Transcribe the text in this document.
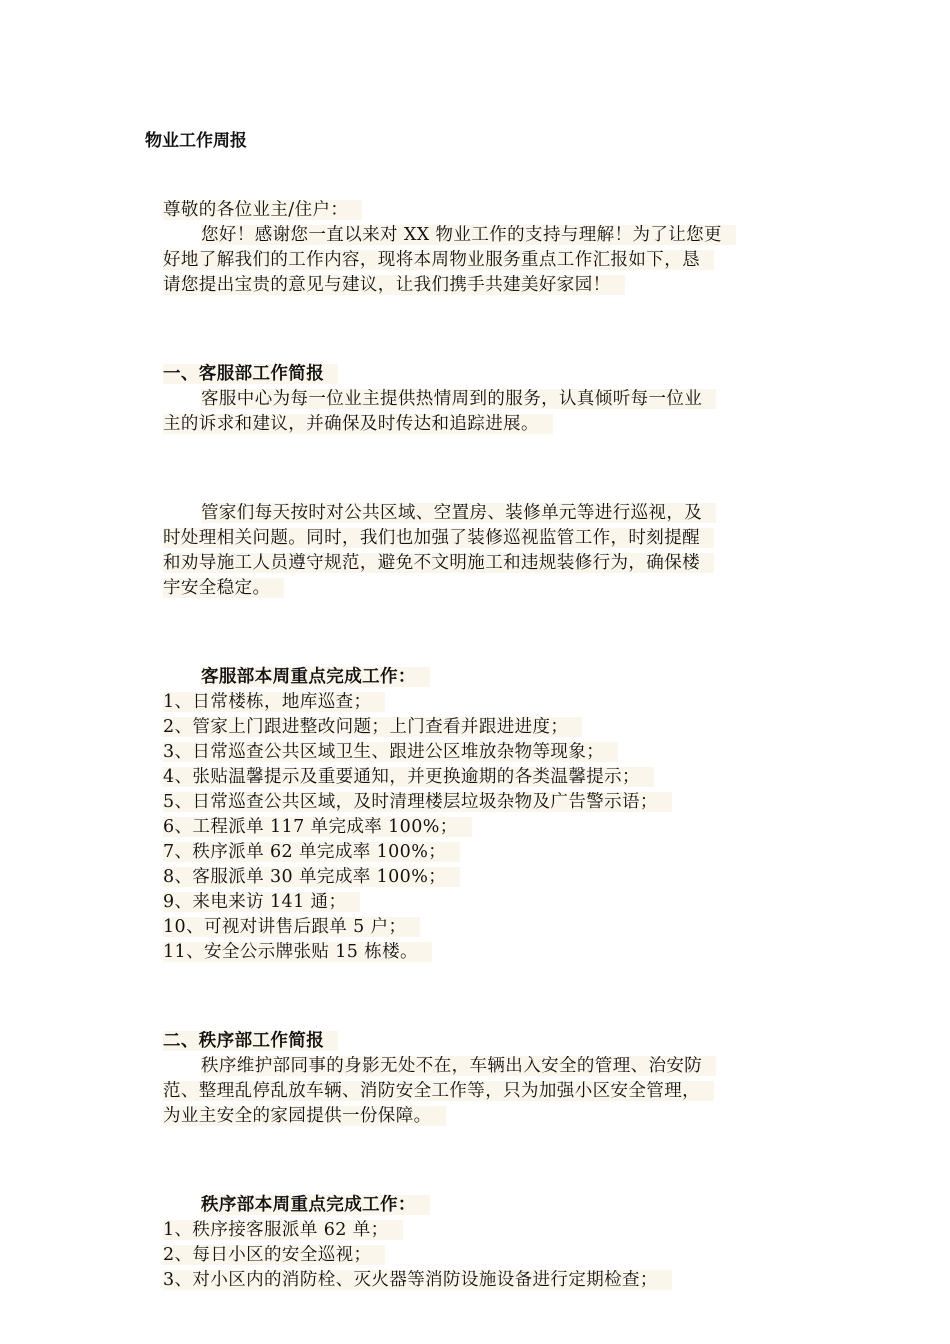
物业工作周报
尊敬的各位业主/住户：
您好！感谢您一直以来对 XX 物业工作的支持与理解！为了让您更
好地了解我们的工作内容，现将本周物业服务重点工作汇报如下，恳
请您提出宝贵的意见与建议，让我们携手共建美好家园！
一、客服部工作简报
客服中心为每一位业主提供热情周到的服务，认真倾听每一位业
主的诉求和建议，并确保及时传达和追踪进展。
管家们每天按时对公共区域、空置房、装修单元等进行巡视，及
时处理相关问题。同时，我们也加强了装修巡视监管工作，时刻提醒
和劝导施工人员遵守规范，避免不文明施工和违规装修行为，确保楼
宇安全稳定。
客服部本周重点完成工作：
1、日常楼栋，地库巡查；
2、管家上门跟进整改问题；上门查看并跟进进度；
3、日常巡查公共区域卫生、跟进公区堆放杂物等现象；
4、张贴温馨提示及重要通知，并更换逾期的各类温馨提示；
5、日常巡查公共区域，及时清理楼层垃圾杂物及广告警示语；
6、工程派单 117 单完成率 100%；
7、秩序派单 62 单完成率 100%；
8、客服派单 30 单完成率 100%；
9、来电来访 141 通；
10、可视对讲售后跟单 5 户；
11、安全公示牌张贴 15 栋楼。
二、秩序部工作简报
秩序维护部同事的身影无处不在，车辆出入安全的管理、治安防
范、整理乱停乱放车辆、消防安全工作等，只为加强小区安全管理，
为业主安全的家园提供一份保障。
秩序部本周重点完成工作：
1、秩序接客服派单 62 单；
2、每日小区的安全巡视；
3、对小区内的消防栓、灭火器等消防设施设备进行定期检查；
